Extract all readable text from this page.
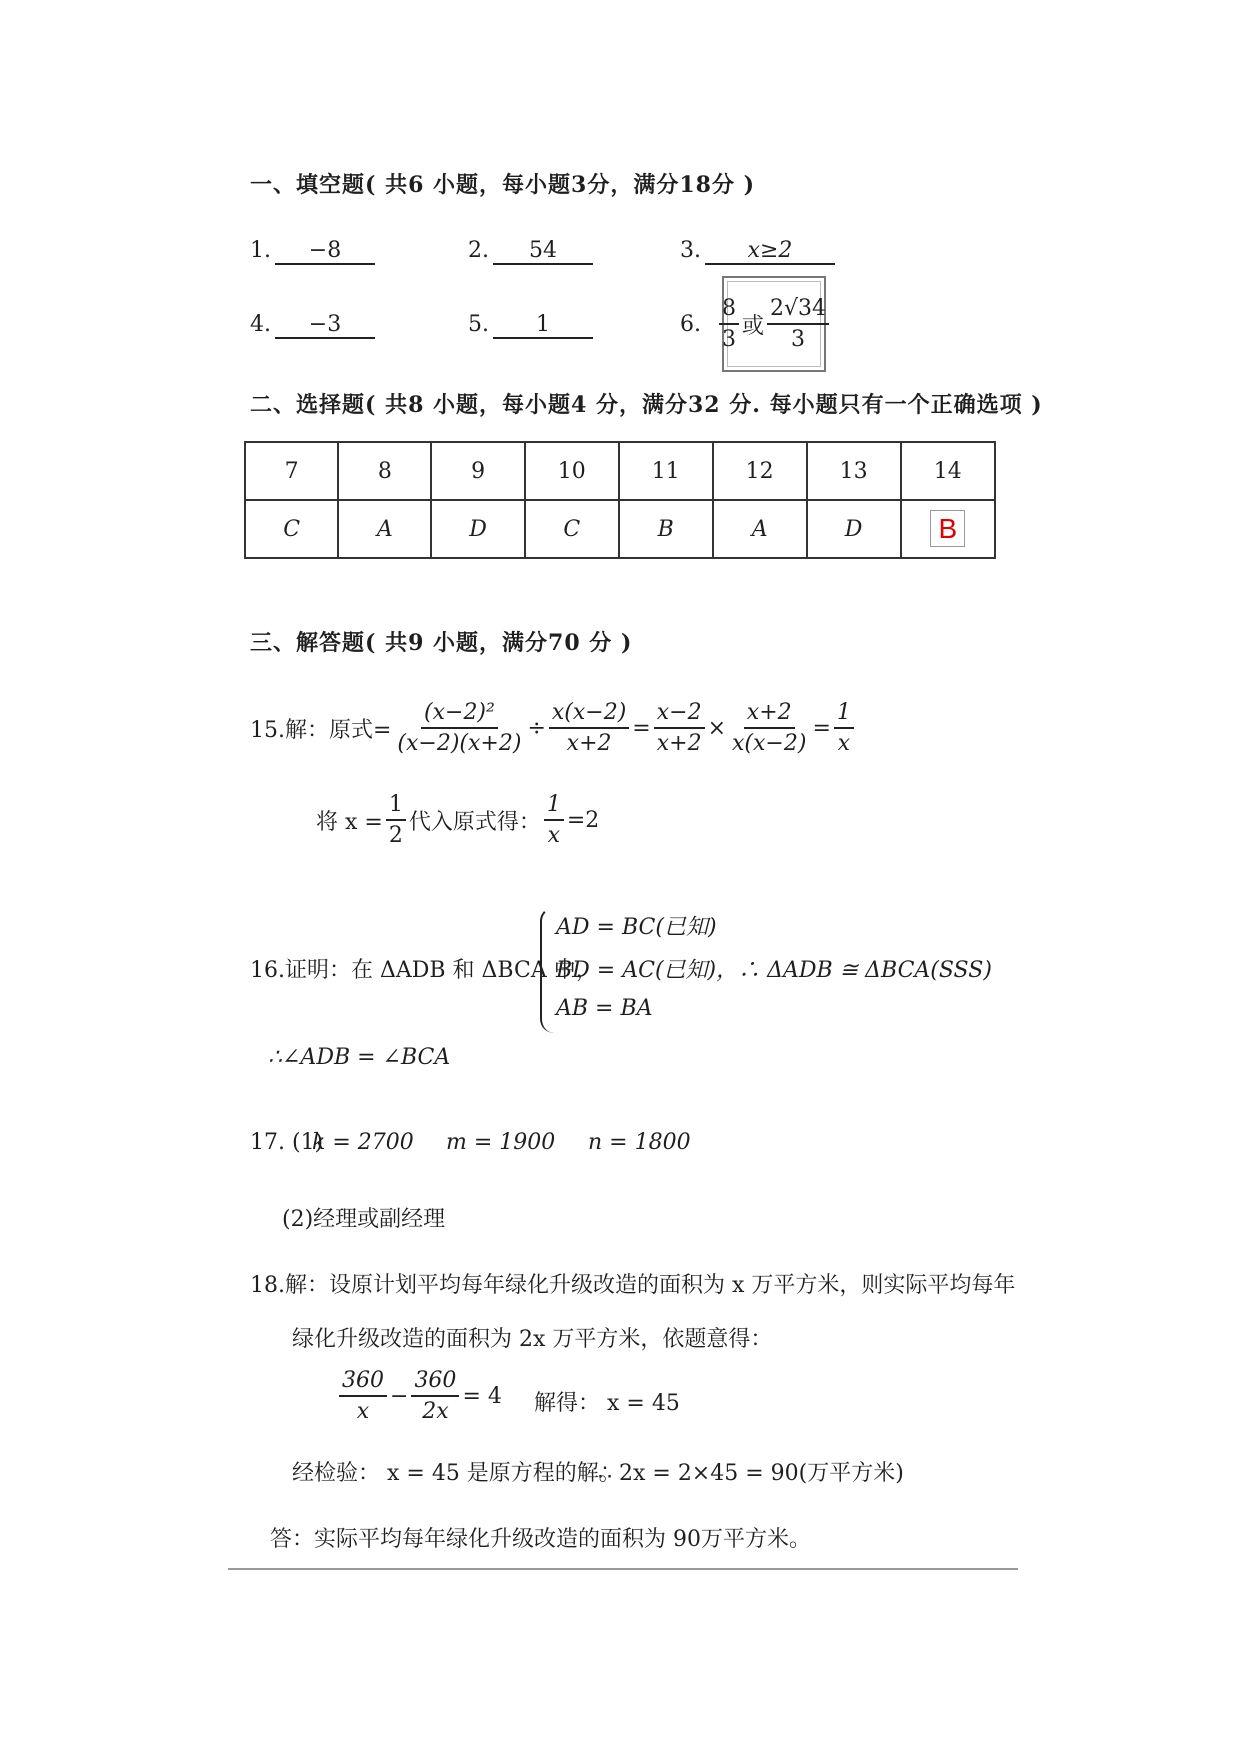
一、填空题( 共6 小题，每小题3分，满分18分 )
1. −8	2. 54	3. x≥2
4. −3	5. 1	6. $\frac{8}{3}$ 或 $\frac{2√34}{3}$
二、选择题( 共8 小题，每小题4 分，满分32 分. 每小题只有一个正确选项 )
7	8	9	10	11	12	13	14
C	A	D	C	B	A	D	B
三、解答题( 共9 小题，满分70 分 )
15.解：原式= $\frac{\text{(x−2)²}}{(x-2)(x+2)} \div \frac{x(x-2)}{x+2} = \frac{x-2}{x+2} \times \frac{x+2}{x(x-2)} = \frac{1}{x}$
将 $x = \frac{1}{2}$ 代入原式得： $\frac{1}{x} =2$
16.证明：在 ΔADB 和 ΔBCA 中，
AD = BC(已知)
BD = AC(已知)，∴ ΔADB ≅ ΔBCA(SSS)
AB = BA
∴∠ADB = ∠BCA
17. (1)
k = 2700 m = 1900 n = 1800
(2)经理或副经理
18.解：设原计划平均每年绿化升级改造的面积为 x 万平方米，则实际平均每年
绿化升级改造的面积为 2x 万平方米，依题意得：
$\frac{360}{x} - \frac{360}{2x} = 4$ 解得： x = 45
经检验： x = 45 是原方程的解。
∴ 2x = 2×45 = 90(万平方米)
答：实际平均每年绿化升级改造的面积为 90万平方米。
